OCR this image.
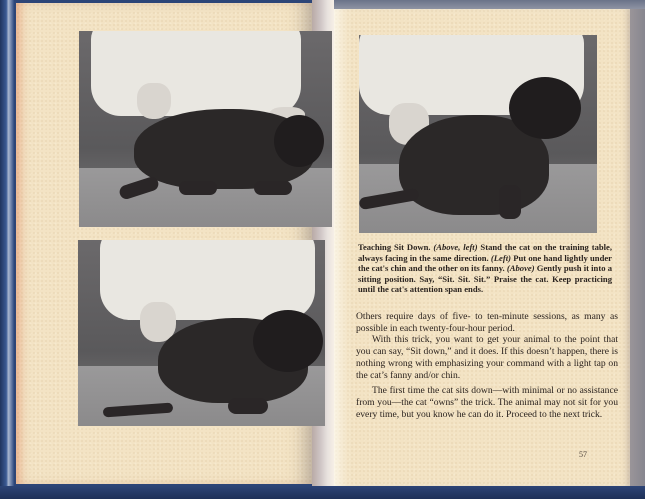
Teaching Sit Down. (Above, left) Stand the cat on the training table, always facing in the same direction. (Left) Put one hand lightly under the cat's chin and the other on its fanny. (Above) Gently push it into a sitting position. Say, “Sit. Sit. Sit.” Praise the cat. Keep practicing until the cat's attention span ends.

Others require days of five- to ten-minute sessions, as many as possible in each twenty-four-hour period.

With this trick, you want to get your animal to the point that you can say, “Sit down,” and it does. If this doesn’t happen, there is nothing wrong with emphasizing your command with a light tap on the cat’s fanny and/or chin.

The first time the cat sits down—with minimal or no assistance from you—the cat “owns” the trick. The animal may not sit for you every time, but you know he can do it. Proceed to the next trick.

57
